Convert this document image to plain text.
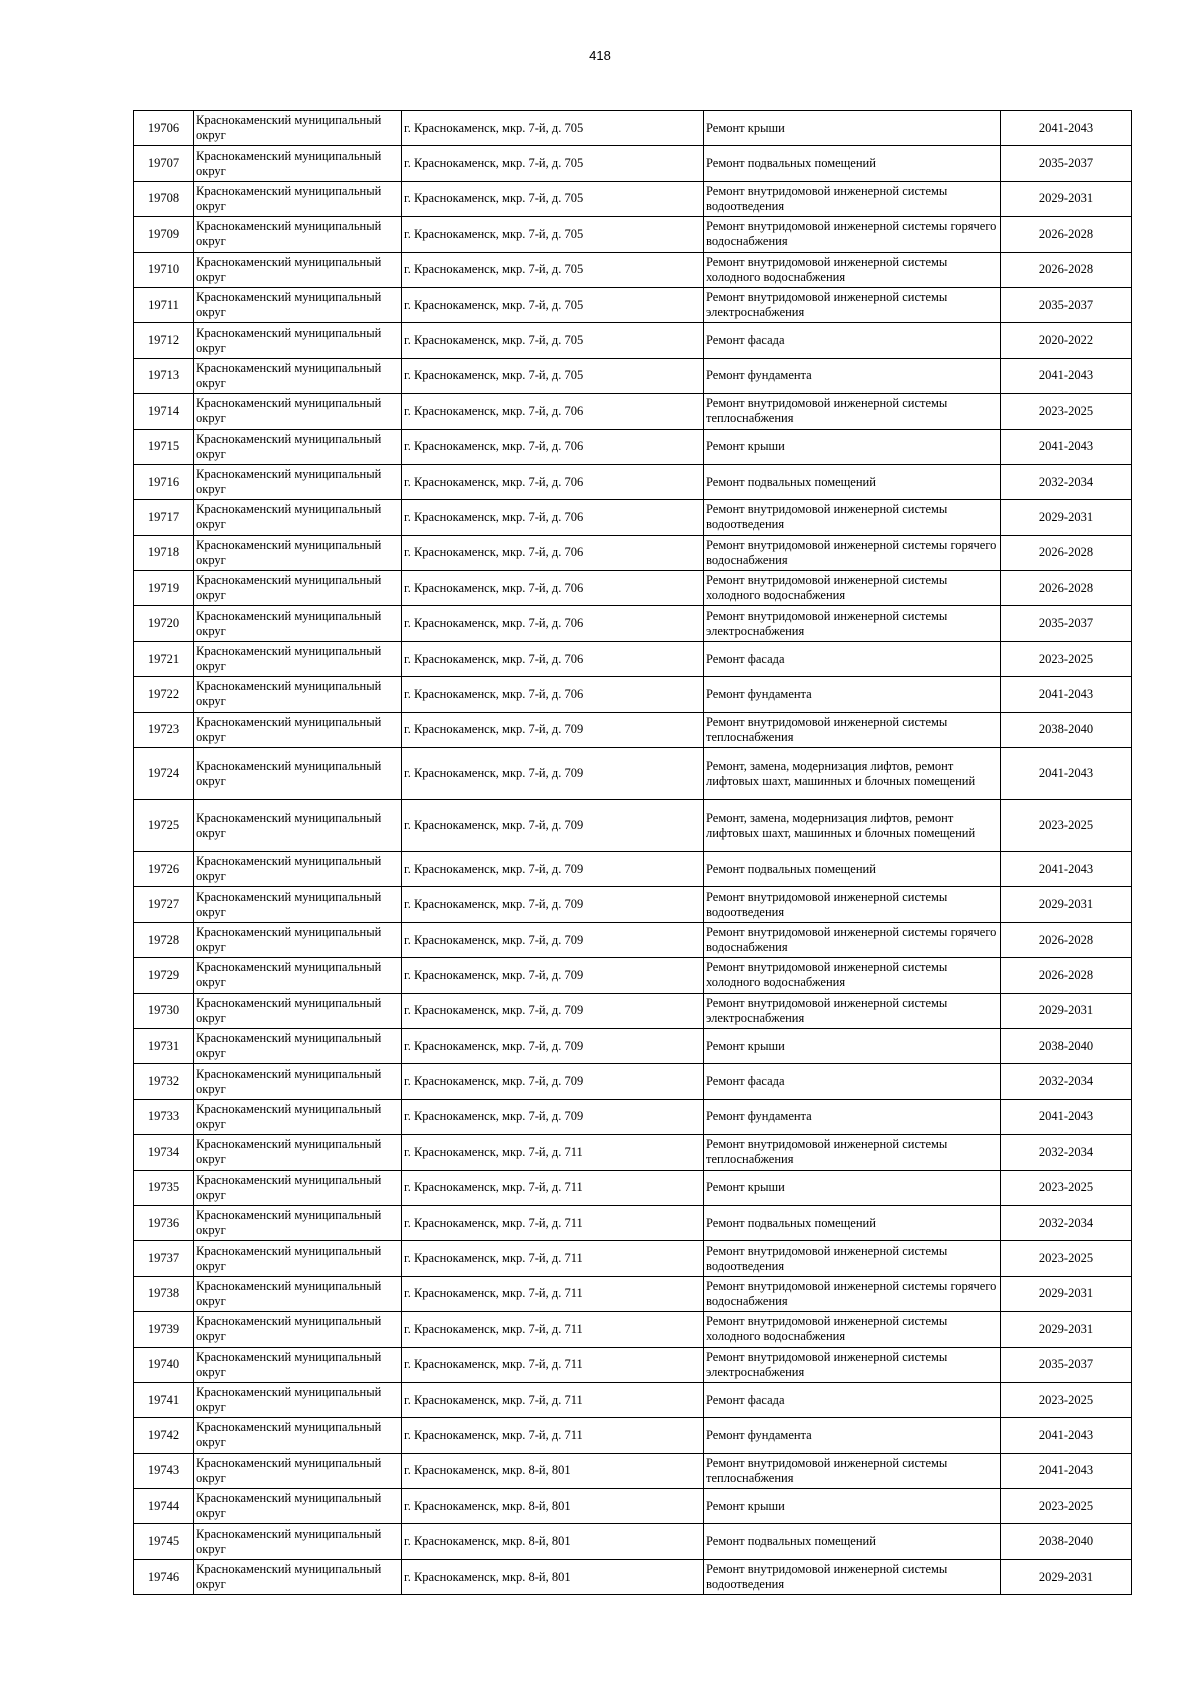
418
19706	Краснокаменский муниципальный округ	г. Краснокаменск, мкр. 7-й, д. 705	Ремонт крыши	2041-2043
19707	Краснокаменский муниципальный округ	г. Краснокаменск, мкр. 7-й, д. 705	Ремонт подвальных помещений	2035-2037
19708	Краснокаменский муниципальный округ	г. Краснокаменск, мкр. 7-й, д. 705	Ремонт внутридомовой инженерной системы водоотведения	2029-2031
19709	Краснокаменский муниципальный округ	г. Краснокаменск, мкр. 7-й, д. 705	Ремонт внутридомовой инженерной системы горячего водоснабжения	2026-2028
19710	Краснокаменский муниципальный округ	г. Краснокаменск, мкр. 7-й, д. 705	Ремонт внутридомовой инженерной системы холодного водоснабжения	2026-2028
19711	Краснокаменский муниципальный округ	г. Краснокаменск, мкр. 7-й, д. 705	Ремонт внутридомовой инженерной системы электроснабжения	2035-2037
19712	Краснокаменский муниципальный округ	г. Краснокаменск, мкр. 7-й, д. 705	Ремонт фасада	2020-2022
19713	Краснокаменский муниципальный округ	г. Краснокаменск, мкр. 7-й, д. 705	Ремонт фундамента	2041-2043
19714	Краснокаменский муниципальный округ	г. Краснокаменск, мкр. 7-й, д. 706	Ремонт внутридомовой инженерной системы теплоснабжения	2023-2025
19715	Краснокаменский муниципальный округ	г. Краснокаменск, мкр. 7-й, д. 706	Ремонт крыши	2041-2043
19716	Краснокаменский муниципальный округ	г. Краснокаменск, мкр. 7-й, д. 706	Ремонт подвальных помещений	2032-2034
19717	Краснокаменский муниципальный округ	г. Краснокаменск, мкр. 7-й, д. 706	Ремонт внутридомовой инженерной системы водоотведения	2029-2031
19718	Краснокаменский муниципальный округ	г. Краснокаменск, мкр. 7-й, д. 706	Ремонт внутридомовой инженерной системы горячего водоснабжения	2026-2028
19719	Краснокаменский муниципальный округ	г. Краснокаменск, мкр. 7-й, д. 706	Ремонт внутридомовой инженерной системы холодного водоснабжения	2026-2028
19720	Краснокаменский муниципальный округ	г. Краснокаменск, мкр. 7-й, д. 706	Ремонт внутридомовой инженерной системы электроснабжения	2035-2037
19721	Краснокаменский муниципальный округ	г. Краснокаменск, мкр. 7-й, д. 706	Ремонт фасада	2023-2025
19722	Краснокаменский муниципальный округ	г. Краснокаменск, мкр. 7-й, д. 706	Ремонт фундамента	2041-2043
19723	Краснокаменский муниципальный округ	г. Краснокаменск, мкр. 7-й, д. 709	Ремонт внутридомовой инженерной системы теплоснабжения	2038-2040
19724	Краснокаменский муниципальный округ	г. Краснокаменск, мкр. 7-й, д. 709	Ремонт, замена, модернизация лифтов, ремонт лифтовых шахт, машинных и блочных помещений	2041-2043
19725	Краснокаменский муниципальный округ	г. Краснокаменск, мкр. 7-й, д. 709	Ремонт, замена, модернизация лифтов, ремонт лифтовых шахт, машинных и блочных помещений	2023-2025
19726	Краснокаменский муниципальный округ	г. Краснокаменск, мкр. 7-й, д. 709	Ремонт подвальных помещений	2041-2043
19727	Краснокаменский муниципальный округ	г. Краснокаменск, мкр. 7-й, д. 709	Ремонт внутридомовой инженерной системы водоотведения	2029-2031
19728	Краснокаменский муниципальный округ	г. Краснокаменск, мкр. 7-й, д. 709	Ремонт внутридомовой инженерной системы горячего водоснабжения	2026-2028
19729	Краснокаменский муниципальный округ	г. Краснокаменск, мкр. 7-й, д. 709	Ремонт внутридомовой инженерной системы холодного водоснабжения	2026-2028
19730	Краснокаменский муниципальный округ	г. Краснокаменск, мкр. 7-й, д. 709	Ремонт внутридомовой инженерной системы электроснабжения	2029-2031
19731	Краснокаменский муниципальный округ	г. Краснокаменск, мкр. 7-й, д. 709	Ремонт крыши	2038-2040
19732	Краснокаменский муниципальный округ	г. Краснокаменск, мкр. 7-й, д. 709	Ремонт фасада	2032-2034
19733	Краснокаменский муниципальный округ	г. Краснокаменск, мкр. 7-й, д. 709	Ремонт фундамента	2041-2043
19734	Краснокаменский муниципальный округ	г. Краснокаменск, мкр. 7-й, д. 711	Ремонт внутридомовой инженерной системы теплоснабжения	2032-2034
19735	Краснокаменский муниципальный округ	г. Краснокаменск, мкр. 7-й, д. 711	Ремонт крыши	2023-2025
19736	Краснокаменский муниципальный округ	г. Краснокаменск, мкр. 7-й, д. 711	Ремонт подвальных помещений	2032-2034
19737	Краснокаменский муниципальный округ	г. Краснокаменск, мкр. 7-й, д. 711	Ремонт внутридомовой инженерной системы водоотведения	2023-2025
19738	Краснокаменский муниципальный округ	г. Краснокаменск, мкр. 7-й, д. 711	Ремонт внутридомовой инженерной системы горячего водоснабжения	2029-2031
19739	Краснокаменский муниципальный округ	г. Краснокаменск, мкр. 7-й, д. 711	Ремонт внутридомовой инженерной системы холодного водоснабжения	2029-2031
19740	Краснокаменский муниципальный округ	г. Краснокаменск, мкр. 7-й, д. 711	Ремонт внутридомовой инженерной системы электроснабжения	2035-2037
19741	Краснокаменский муниципальный округ	г. Краснокаменск, мкр. 7-й, д. 711	Ремонт фасада	2023-2025
19742	Краснокаменский муниципальный округ	г. Краснокаменск, мкр. 7-й, д. 711	Ремонт фундамента	2041-2043
19743	Краснокаменский муниципальный округ	г. Краснокаменск, мкр. 8-й, 801	Ремонт внутридомовой инженерной системы теплоснабжения	2041-2043
19744	Краснокаменский муниципальный округ	г. Краснокаменск, мкр. 8-й, 801	Ремонт крыши	2023-2025
19745	Краснокаменский муниципальный округ	г. Краснокаменск, мкр. 8-й, 801	Ремонт подвальных помещений	2038-2040
19746	Краснокаменский муниципальный округ	г. Краснокаменск, мкр. 8-й, 801	Ремонт внутридомовой инженерной системы водоотведения	2029-2031
